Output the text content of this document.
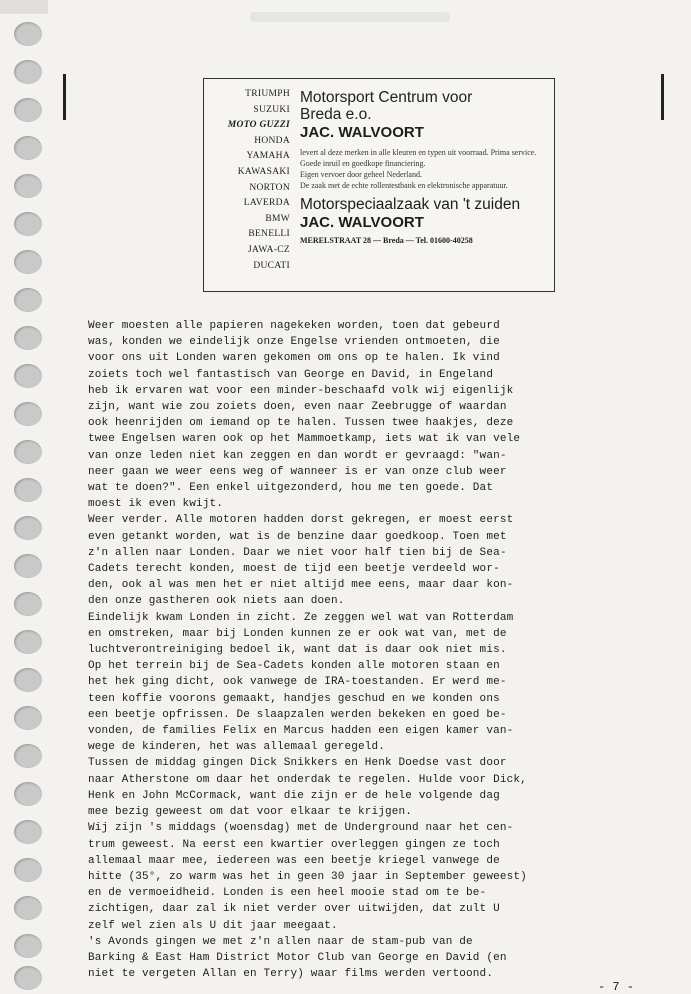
TRIUMPH
SUZUKI
MOTO GUZZI
HONDA
YAMAHA
KAWASAKI
NORTON
LAVERDA
BMW
BENELLI
JAWA-CZ
DUCATI
Motorsport Centrum voor
Breda e.o.
JAC. WALVOORT
levert al deze merken in alle kleuren en typen uit voorraad. Prima service.
Goede inruil en goedkope financiering.
Eigen vervoer door geheel Nederland.
De zaak met de echte rollentestbank en elektronische apparatuur.
Motorspeciaalzaak van 't zuiden
JAC. WALVOORT
MERELSTRAAT 28 — Breda — Tel. 01600-40258
Weer moesten alle papieren nagekeken worden, toen dat gebeurd
was, konden we eindelijk onze Engelse vrienden ontmoeten, die
voor ons uit Londen waren gekomen om ons op te halen. Ik vind
zoiets toch wel fantastisch van George en David, in Engeland
heb ik ervaren wat voor een minder-beschaafd volk wij eigenlijk
zijn, want wie zou zoiets doen, even naar Zeebrugge of waardan
ook heenrijden om iemand op te halen. Tussen twee haakjes, deze
twee Engelsen waren ook op het Mammoetkamp, iets wat ik van vele
van onze leden niet kan zeggen en dan wordt er gevraagd: "wan-
neer gaan we weer eens weg of wanneer is er van onze club weer
wat te doen?". Een enkel uitgezonderd, hou me ten goede. Dat
moest ik even kwijt.
Weer verder. Alle motoren hadden dorst gekregen, er moest eerst
even getankt worden, wat is de benzine daar goedkoop. Toen met
z'n allen naar Londen. Daar we niet voor half tien bij de Sea-
Cadets terecht konden, moest de tijd een beetje verdeeld wor-
den, ook al was men het er niet altijd mee eens, maar daar kon-
den onze gastheren ook niets aan doen.
Eindelijk kwam Londen in zicht. Ze zeggen wel wat van Rotterdam
en omstreken, maar bij Londen kunnen ze er ook wat van, met de
luchtverontreiniging bedoel ik, want dat is daar ook niet mis.
Op het terrein bij de Sea-Cadets konden alle motoren staan en
het hek ging dicht, ook vanwege de IRA-toestanden. Er werd me-
teen koffie voorons gemaakt, handjes geschud en we konden ons
een beetje opfrissen. De slaapzalen werden bekeken en goed be-
vonden, de families Felix en Marcus hadden een eigen kamer van-
wege de kinderen, het was allemaal geregeld.
Tussen de middag gingen Dick Snikkers en Henk Doedse vast door
naar Atherstone om daar het onderdak te regelen. Hulde voor Dick,
Henk en John McCormack, want die zijn er de hele volgende dag
mee bezig geweest om dat voor elkaar te krijgen.
Wij zijn 's middags (woensdag) met de Underground naar het cen-
trum geweest. Na eerst een kwartier overleggen gingen ze toch
allemaal maar mee, iedereen was een beetje kriegel vanwege de
hitte (35°, zo warm was het in geen 30 jaar in September geweest)
en de vermoeidheid. Londen is een heel mooie stad om te be-
zichtigen, daar zal ik niet verder over uitwijden, dat zult U
zelf wel zien als U dit jaar meegaat.
's Avonds gingen we met z'n allen naar de stam-pub van de
Barking & East Ham District Motor Club van George en David (en
niet te vergeten Allan en Terry) waar films werden vertoond.
- 7 -
